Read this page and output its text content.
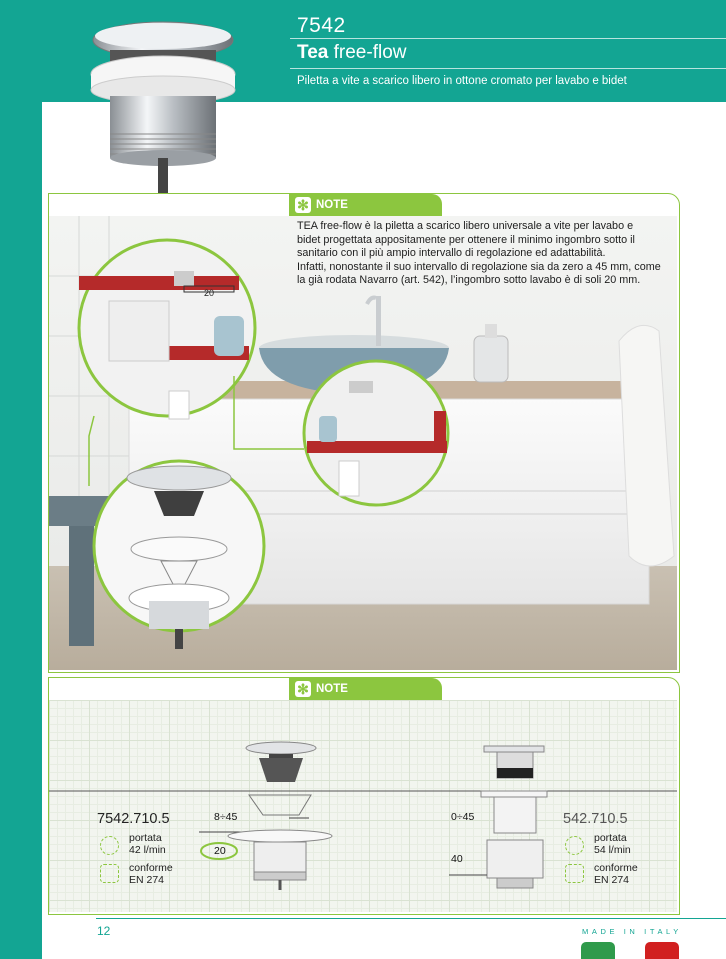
7542
Tea free-flow
Piletta a vite a scarico libero in ottone cromato per lavabo e bidet
20
✻ NOTE
TEA free-flow è la piletta a scarico libero universale a vite per lavabo e
bidet progettata appositamente per ottenere il minimo ingombro sotto il
sanitario con il più ampio intervallo di regolazione ed adattabilità.
Infatti, nonostante il suo intervallo di regolazione sia da zero a 45 mm, come
la già rodata Navarro (art. 542), l’ingombro sotto lavabo è di soli 20 mm.
✻ NOTE
7542.710.5
portata
42 l/min
conforme
EN 274
8÷45
20
542.710.5
portata
54 l/min
conforme
EN 274
0÷45
40
12	MADE IN ITALY
